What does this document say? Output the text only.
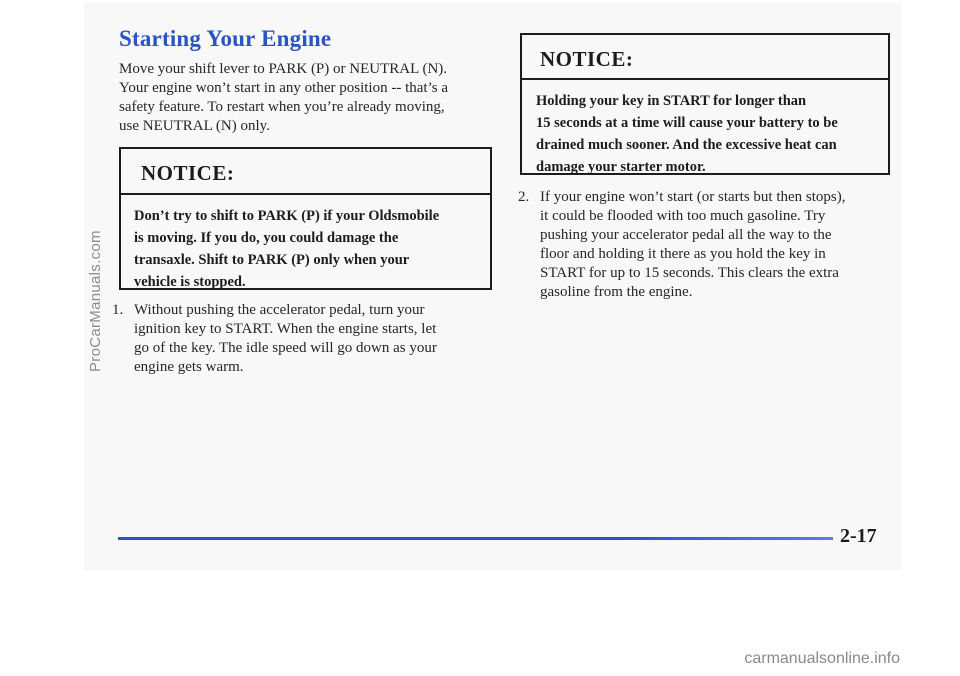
Starting Your Engine
Move your shift lever to PARK (P) or NEUTRAL (N).
Your engine won’t start in any other position -- that’s a
safety feature. To restart when you’re already moving,
use NEUTRAL (N) only.
NOTICE:
Don’t try to shift to PARK (P) if your Oldsmobile
is moving. If you do, you could damage the
transaxle. Shift to PARK (P) only when your
vehicle is stopped.
1. Without pushing the accelerator pedal, turn your
ignition key to START. When the engine starts, let
go of the key. The idle speed will go down as your
engine gets warm.
NOTICE:
Holding your key in START for longer than
15 seconds at a time will cause your battery to be
drained much sooner. And the excessive heat can
damage your starter motor.
2. If your engine won’t start (or starts but then stops),
it could be flooded with too much gasoline. Try
pushing your accelerator pedal all the way to the
floor and holding it there as you hold the key in
START for up to 15 seconds. This clears the extra
gasoline from the engine.
2-17
ProCarManuals.com
carmanualsonline.info
